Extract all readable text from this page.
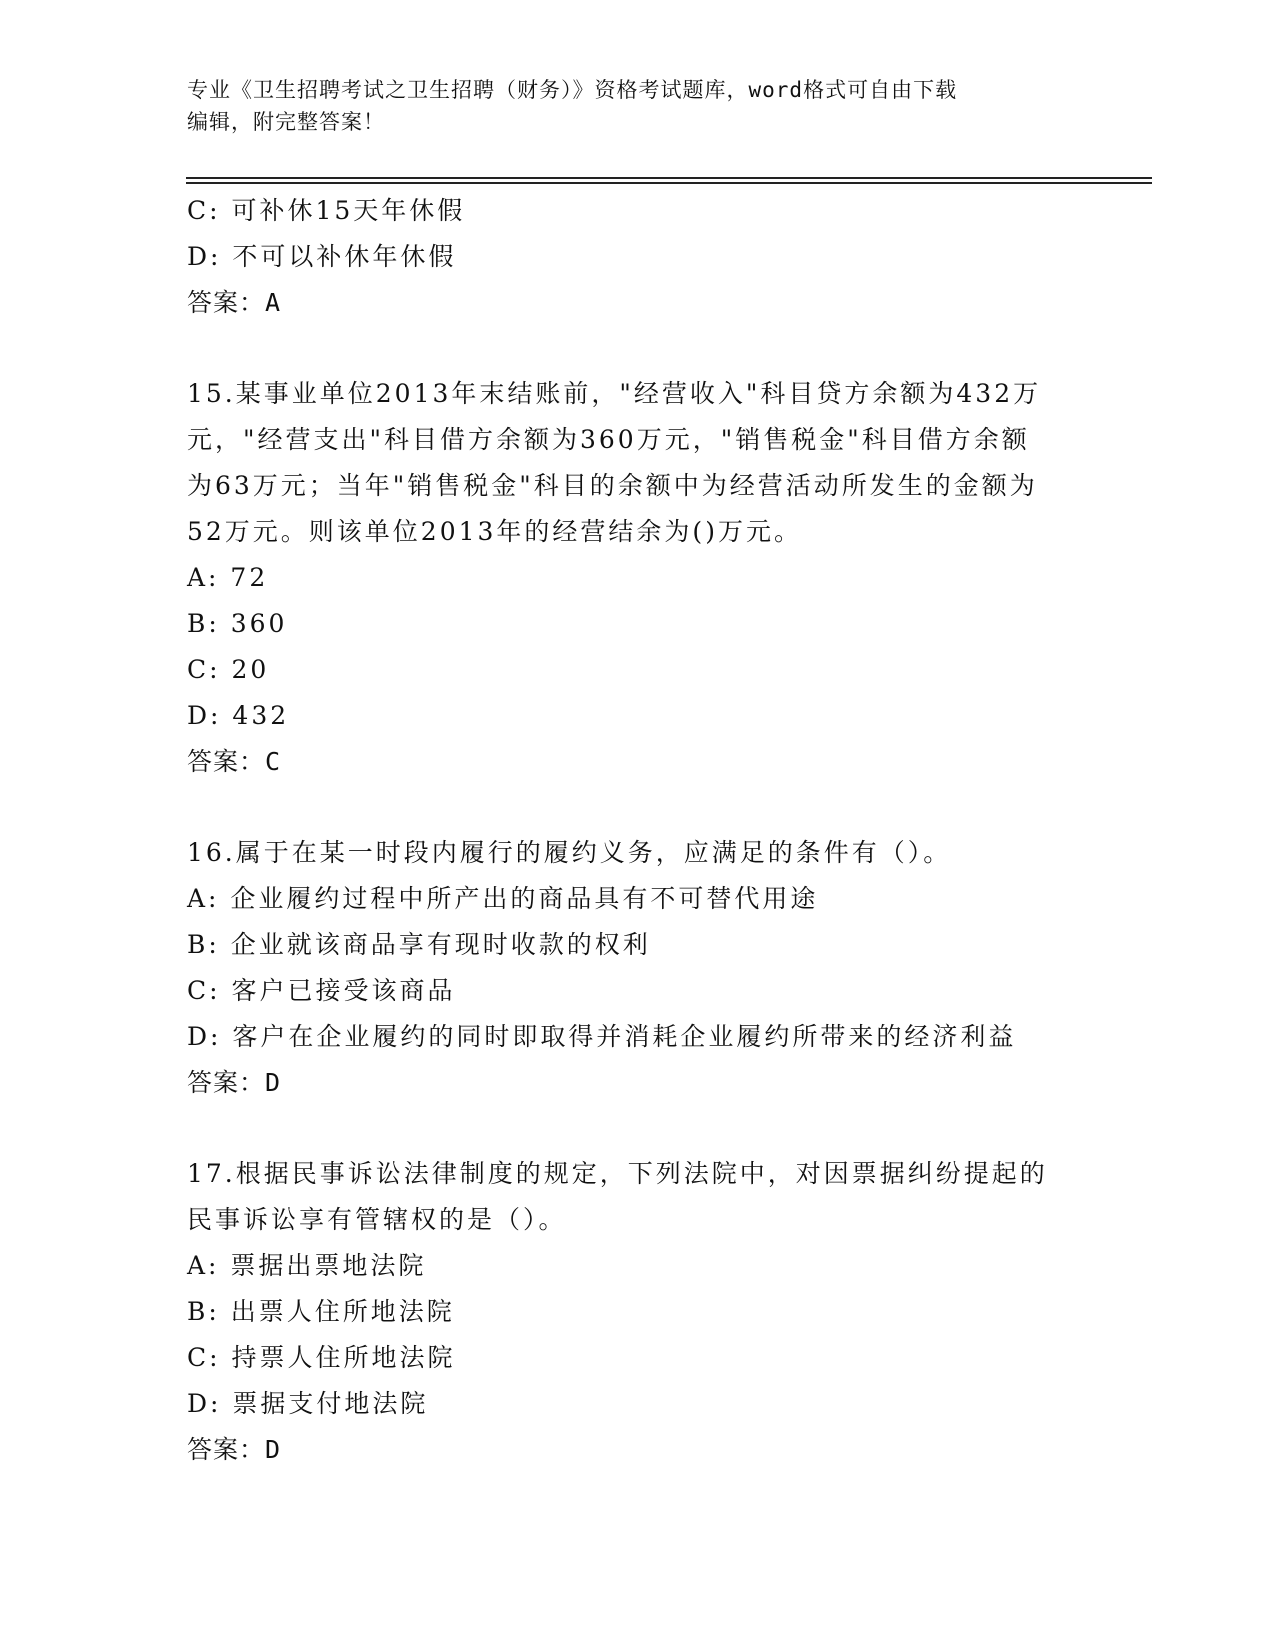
专业《卫生招聘考试之卫生招聘（财务）》资格考试题库，word格式可自由下载
编辑，附完整答案！
C: 可补休15天年休假
D: 不可以补休年休假
答案：A
15.某事业单位2013年末结账前，"经营收入"科目贷方余额为432万
元，"经营支出"科目借方余额为360万元，"销售税金"科目借方余额
为63万元；当年"销售税金"科目的余额中为经营活动所发生的金额为
52万元。则该单位2013年的经营结余为()万元。
A: 72
B: 360
C: 20
D: 432
答案：C
16.属于在某一时段内履行的履约义务，应满足的条件有（）。
A: 企业履约过程中所产出的商品具有不可替代用途
B: 企业就该商品享有现时收款的权利
C: 客户已接受该商品
D: 客户在企业履约的同时即取得并消耗企业履约所带来的经济利益
答案：D
17.根据民事诉讼法律制度的规定，下列法院中，对因票据纠纷提起的
民事诉讼享有管辖权的是（）。
A: 票据出票地法院
B: 出票人住所地法院
C: 持票人住所地法院
D: 票据支付地法院
答案：D
